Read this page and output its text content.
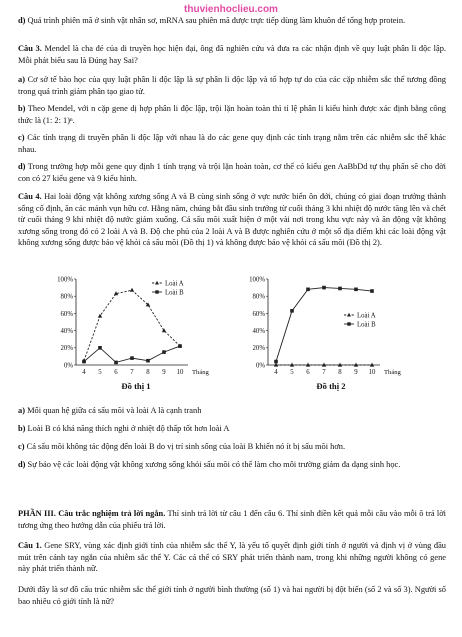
thuvienhoclieu.com

d) Quá trình phiên mã ở sinh vật nhân sơ, mRNA sau phiên mã được trực tiếp dùng làm khuôn để tổng hợp protein.

Câu 3. Mendel là cha đẻ của di truyền học hiện đại, ông đã nghiên cứu và đưa ra các nhận định về quy luật phân li độc lập. Mỗi phát biểu sau là Đúng hay Sai?

a) Cơ sở tế bào học của quy luật phân li độc lập là sự phân li độc lập và tổ hợp tự do của các cặp nhiễm sắc thể tương đồng trong quá trình giảm phân tạo giao tử.

b) Theo Mendel, với n cặp gene dị hợp phân li độc lập, trội lặn hoàn toàn thì tỉ lệ phân li kiểu hình được xác định bằng công thức là (1: 2: 1)ⁿ.

c) Các tính trạng di truyền phân li độc lập với nhau là do các gene quy định các tính trạng nằm trên các nhiễm sắc thể khác nhau.

d) Trong trường hợp mỗi gene quy định 1 tính trạng và trội lặn hoàn toàn, cơ thể có kiểu gen AaBbDd tự thụ phấn sẽ cho đời con có 27 kiểu gene và 9 kiểu hình.

Câu 4. Hai loài động vật không xương sống A và B cùng sinh sống ở vực nước biển ôn đới, chúng có giai đoạn trưởng thành sống cố định, ăn các mảnh vụn hữu cơ. Hằng năm, chúng bắt đầu sinh trưởng từ cuối tháng 3 khi nhiệt độ nước tăng lên và chết từ cuối tháng 9 khi nhiệt độ nước giảm xuống. Cá sấu mõi xuất hiện ở một vài nơi trong khu vực này và ăn động vật không xương sống trong đó có 2 loài A và B. Độ che phủ của 2 loài A và B được nghiên cứu ở một số địa điểm khi các loài động vật không xương sống được bảo vệ khỏi cá sấu mõi (Đồ thị 1) và không được bảo vệ khỏi cá sấu mõi (Đồ thị 2).

0%
20%
40%
60%
80%
100%
4 5 6 7 8 9 10 Tháng
Loài A
Loài B
Đồ thị 1
0%
20%
40%
60%
80%
100%
4 5 6 7 8 9 10 Tháng
Loài A
Loài B
Đồ thị 2

a) Mối quan hệ giữa cá sấu mõi và loài A là cạnh tranh

b) Loài B có khả năng thích nghi ở nhiệt độ thấp tốt hơn loài A

c) Cá sấu mõi không tác động đến loài B do vị trí sinh sống của loài B khiến nó ít bị sấu mõi hơn.

d) Sự bảo vệ các loài động vật không xương sống khỏi sấu mõi có thể làm cho môi trường giảm đa dạng sinh học.

PHẦN III. Câu trắc nghiệm trả lời ngắn. Thí sinh trả lời từ câu 1 đến câu 6. Thí sinh điền kết quả mỗi câu vào mỗi ô trả lời tương ứng theo hướng dẫn của phiếu trả lời.

Câu 1. Gene SRY, vùng xác định giới tính của nhiễm sắc thể Y, là yếu tố quyết định giới tính ở người và định vị ở vùng đầu mút trên cánh tay ngắn của nhiễm sắc thể Y. Các cá thể có SRY phát triển thành nam, trong khi những người không có gene này phát triển thành nữ.

Dưới đây là sơ đồ cấu trúc nhiễm sắc thể giới tính ở người bình thường (số 1) và hai người bị đột biến (số 2 và số 3). Người số bao nhiêu có giới tính là nữ?
